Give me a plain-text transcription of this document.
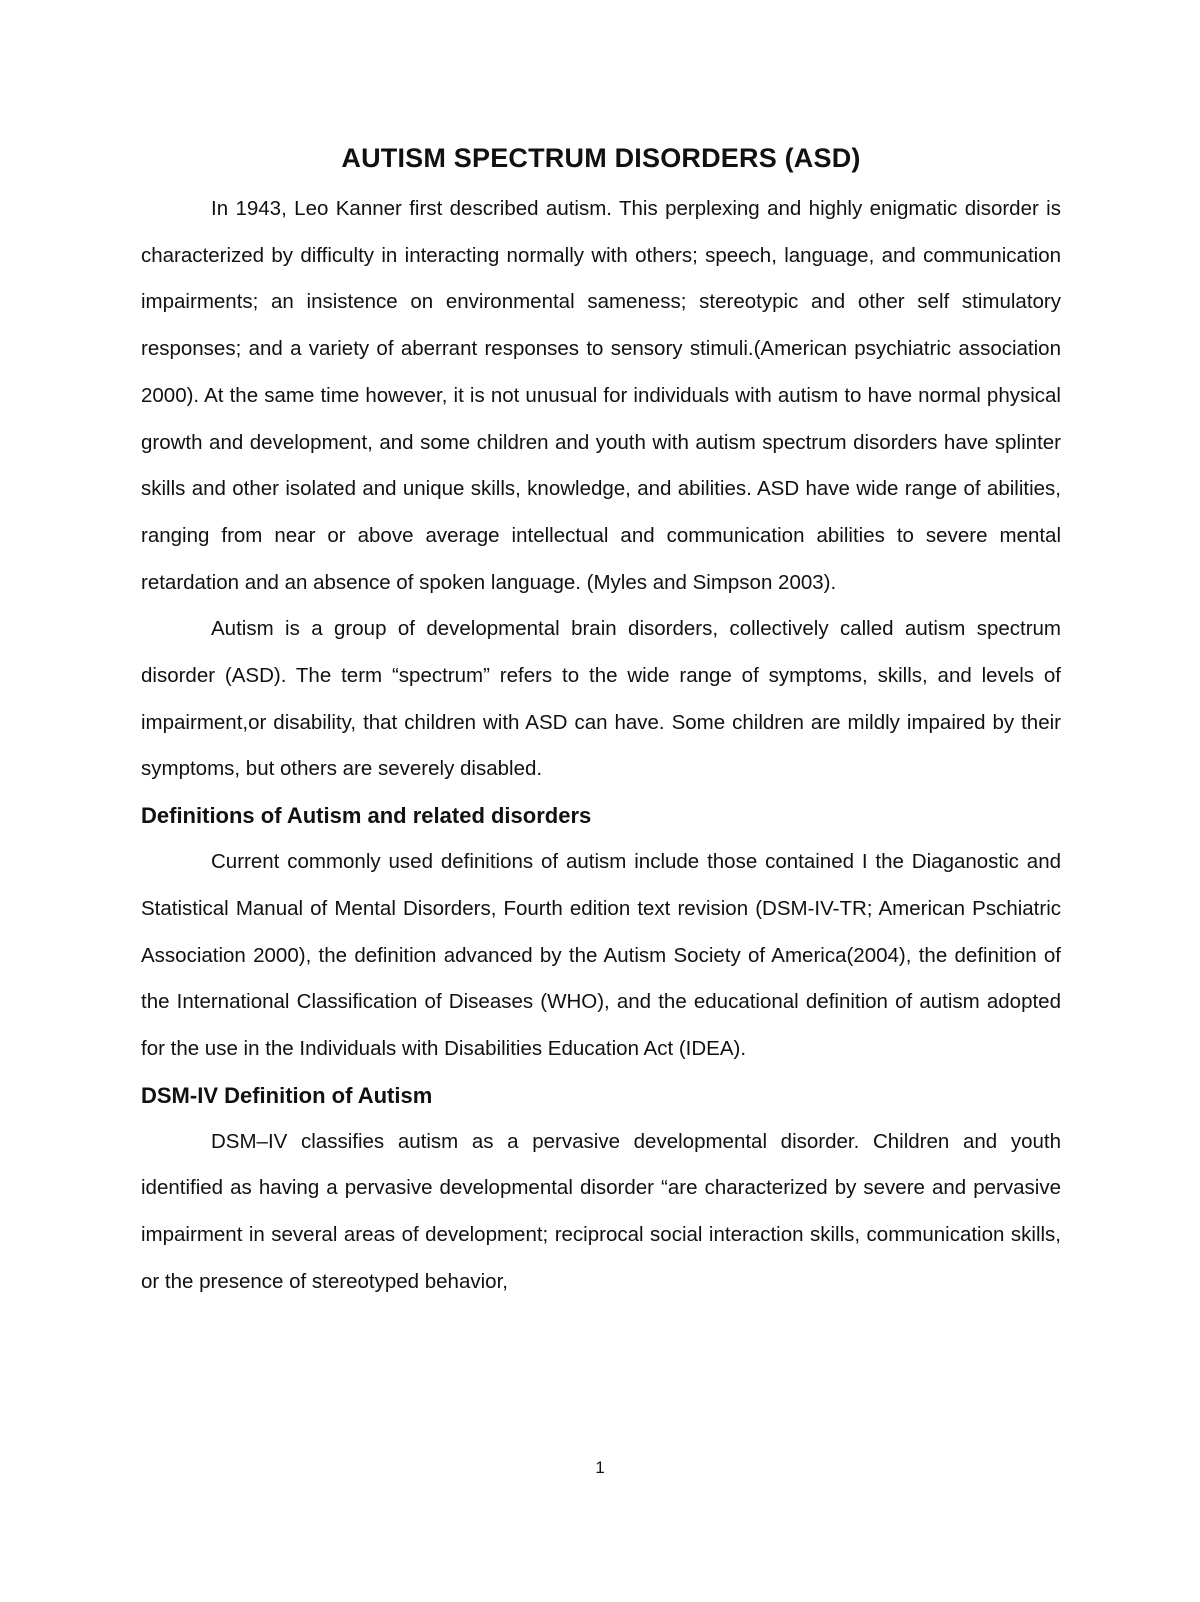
AUTISM SPECTRUM DISORDERS (ASD)

In 1943, Leo Kanner first described autism. This perplexing and highly enigmatic disorder is characterized by difficulty in interacting normally with others; speech, language, and communication impairments; an insistence on environmental sameness; stereotypic and other self stimulatory responses; and a variety of aberrant responses to sensory stimuli.(American psychiatric association 2000). At the same time however, it is not unusual for individuals with autism to have normal physical growth and development, and some children and youth with autism spectrum disorders have splinter skills and other isolated and unique skills, knowledge, and abilities. ASD have wide range of abilities, ranging from near or above average intellectual and communication abilities to severe mental retardation and an absence of spoken language. (Myles and Simpson 2003).

Autism is a group of developmental brain disorders, collectively called autism spectrum disorder (ASD). The term “spectrum” refers to the wide range of symptoms, skills, and levels of impairment,or disability, that children with ASD can have. Some children are mildly impaired by their symptoms, but others are severely disabled.

Definitions of Autism and related disorders

Current commonly used definitions of autism include those contained I the Diaganostic and Statistical Manual of Mental Disorders, Fourth edition text revision (DSM-IV-TR; American Pschiatric Association 2000), the definition advanced by the Autism Society of America(2004), the definition of the International Classification of Diseases (WHO), and the educational definition of autism adopted for the use in the Individuals with Disabilities Education Act (IDEA).

DSM-IV Definition of Autism

DSM–IV classifies autism as a pervasive developmental disorder. Children and youth identified as having a pervasive developmental disorder “are characterized by severe and pervasive impairment in several areas of development; reciprocal social interaction skills, communication skills, or the presence of stereotyped behavior,

1
